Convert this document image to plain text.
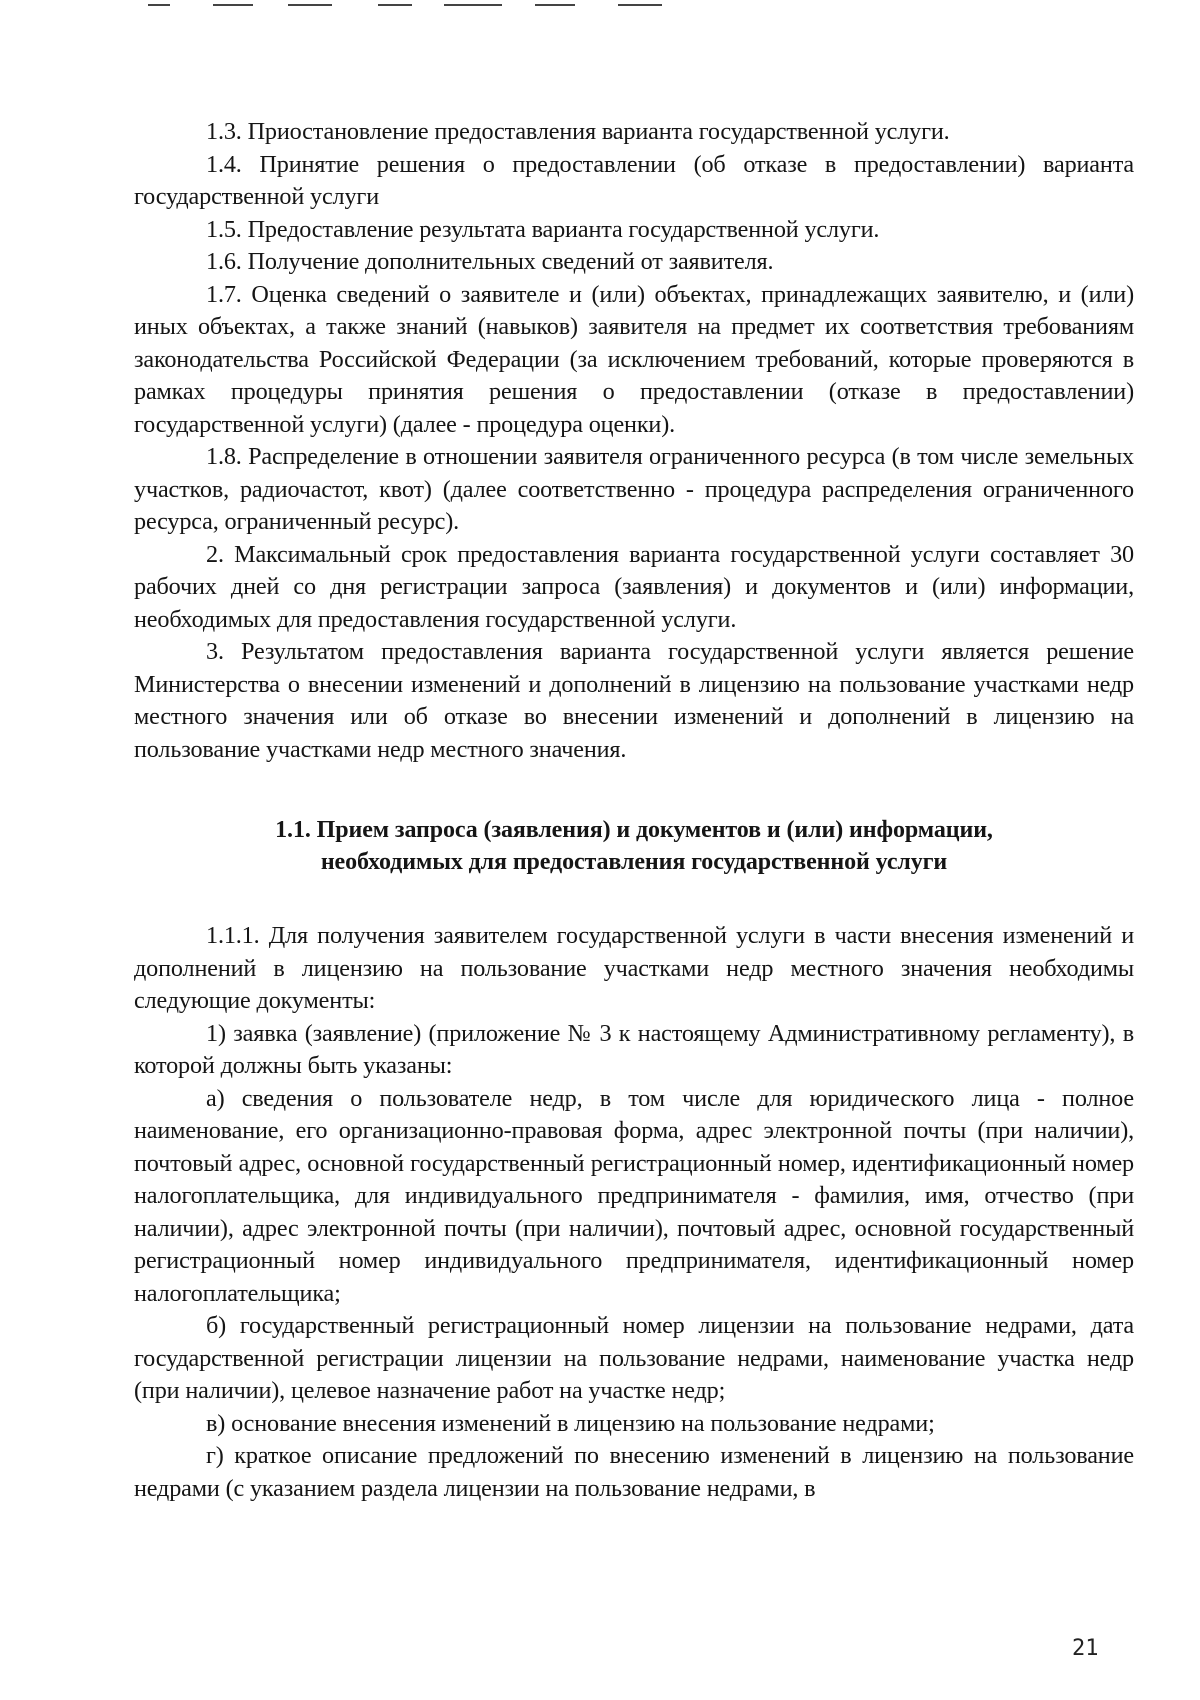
1.3. Приостановление предоставления варианта государственной услуги.

1.4. Принятие решения о предоставлении (об отказе в предоставлении) варианта государственной услуги

1.5. Предоставление результата варианта государственной услуги.

1.6. Получение дополнительных сведений от заявителя.

1.7. Оценка сведений о заявителе и (или) объектах, принадлежащих заявителю, и (или) иных объектах, а также знаний (навыков) заявителя на предмет их соответствия требованиям законодательства Российской Федерации (за исключением требований, которые проверяются в рамках процедуры принятия решения о предоставлении (отказе в предоставлении) государственной услуги) (далее - процедура оценки).

1.8. Распределение в отношении заявителя ограниченного ресурса (в том числе земельных участков, радиочастот, квот) (далее соответственно - процедура распределения ограниченного ресурса, ограниченный ресурс).

2. Максимальный срок предоставления варианта государственной услуги составляет 30 рабочих дней со дня регистрации запроса (заявления) и документов и (или) информации, необходимых для предоставления государственной услуги.

3. Результатом предоставления варианта государственной услуги является решение Министерства о внесении изменений и дополнений в лицензию на пользование участками недр местного значения или об отказе во внесении изменений и дополнений в лицензию на пользование участками недр местного значения.

1.1. Прием запроса (заявления) и документов и (или) информации,
необходимых для предоставления государственной услуги

1.1.1. Для получения заявителем государственной услуги в части внесения изменений и дополнений в лицензию на пользование участками недр местного значения необходимы следующие документы:

1) заявка (заявление) (приложение № 3 к настоящему Административному регламенту), в которой должны быть указаны:

а) сведения о пользователе недр, в том числе для юридического лица - полное наименование, его организационно-правовая форма, адрес электронной почты (при наличии), почтовый адрес, основной государственный регистрационный номер, идентификационный номер налогоплательщика, для индивидуального предпринимателя - фамилия, имя, отчество (при наличии), адрес электронной почты (при наличии), почтовый адрес, основной государственный регистрационный номер индивидуального предпринимателя, идентификационный номер налогоплательщика;

б) государственный регистрационный номер лицензии на пользование недрами, дата государственной регистрации лицензии на пользование недрами, наименование участка недр (при наличии), целевое назначение работ на участке недр;

в) основание внесения изменений в лицензию на пользование недрами;

г) краткое описание предложений по внесению изменений в лицензию на пользование недрами (с указанием раздела лицензии на пользование недрами, в

21
